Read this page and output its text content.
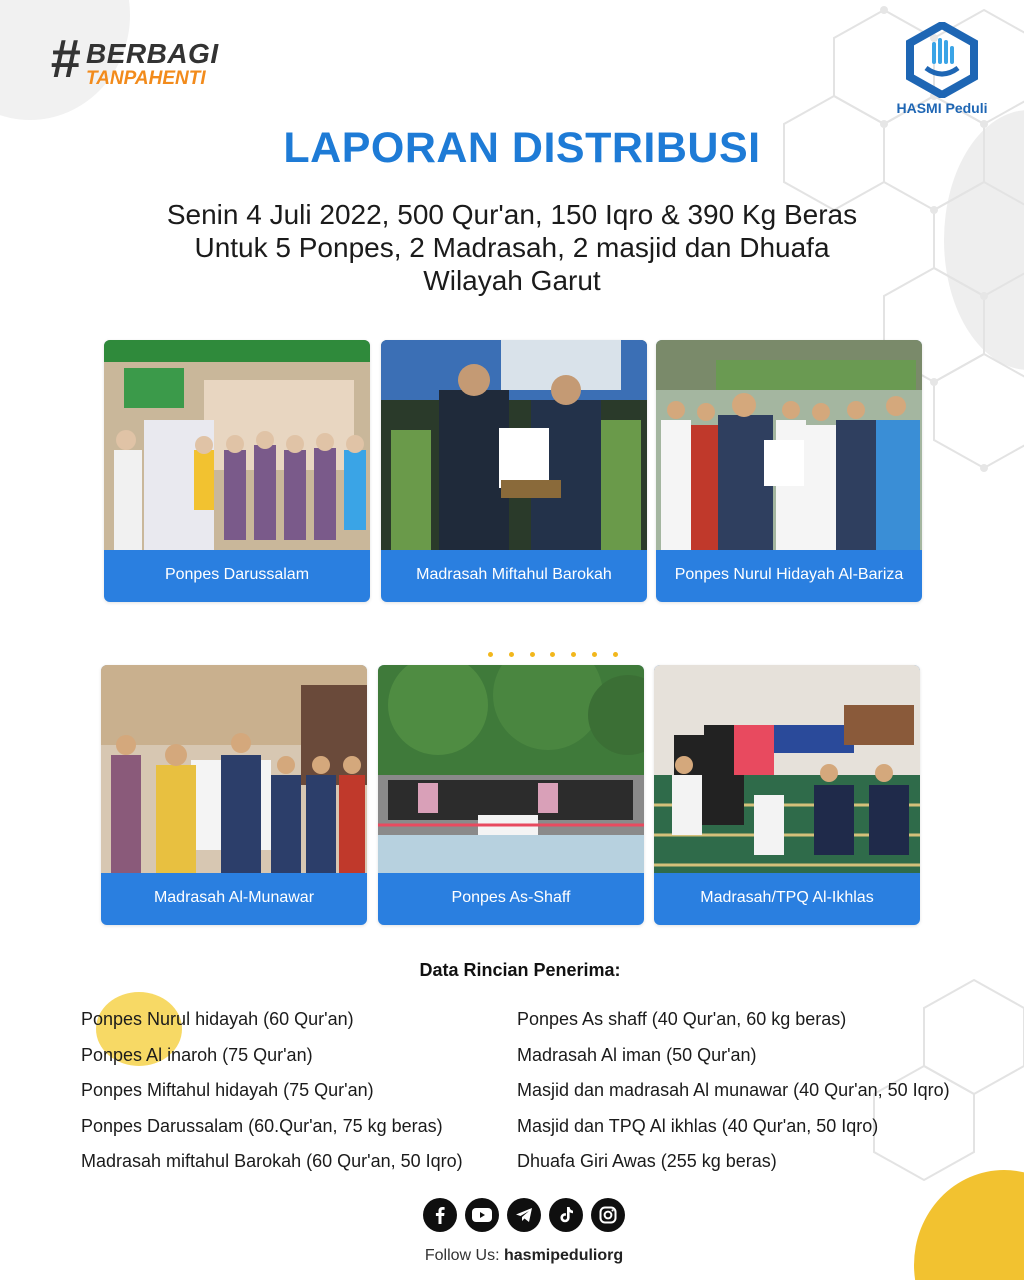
# BERBAGI
TANPAHENTI
HASMI Peduli
LAPORAN DISTRIBUSI
Senin 4 Juli 2022, 500 Qur'an, 150 Iqro & 390 Kg Beras
Untuk 5 Ponpes, 2 Madrasah, 2 masjid dan Dhuafa
Wilayah Garut
Ponpes Darussalam	Madrasah Miftahul Barokah	Ponpes Nurul Hidayah Al-Bariza
Madrasah Al-Munawar	Ponpes As-Shaff	Madrasah/TPQ Al-Ikhlas
Data Rincian Penerima:
Ponpes Nurul hidayah (60 Qur'an)
Ponpes Al inaroh (75 Qur'an)
Ponpes Miftahul hidayah (75 Qur'an)
Ponpes Darussalam (60.Qur'an, 75 kg beras)
Madrasah miftahul Barokah (60 Qur'an, 50 Iqro)
Ponpes As shaff (40 Qur'an, 60 kg beras)
Madrasah Al iman (50 Qur'an)
Masjid dan madrasah Al munawar (40 Qur'an, 50 Iqro)
Masjid dan TPQ Al ikhlas (40 Qur'an, 50 Iqro)
Dhuafa Giri Awas (255 kg beras)
Follow Us: hasmipeduliorg
